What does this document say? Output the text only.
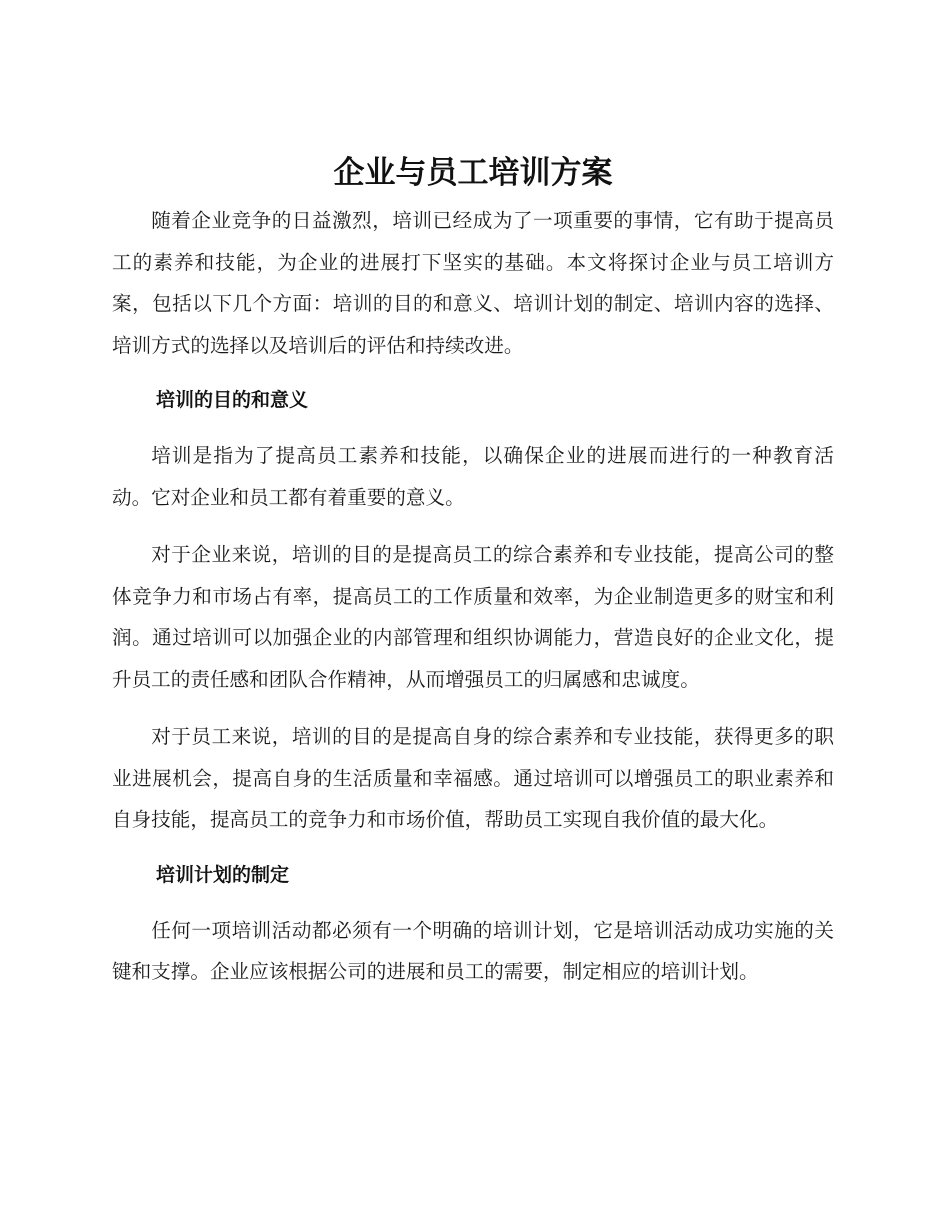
企业与员工培训方案

随着企业竞争的日益激烈，培训已经成为了一项重要的事情，它有助于提高员工的素养和技能，为企业的进展打下坚实的基础。本文将探讨企业与员工培训方案，包括以下几个方面：培训的目的和意义、培训计划的制定、培训内容的选择、培训方式的选择以及培训后的评估和持续改进。

培训的目的和意义

培训是指为了提高员工素养和技能，以确保企业的进展而进行的一种教育活动。它对企业和员工都有着重要的意义。

对于企业来说，培训的目的是提高员工的综合素养和专业技能，提高公司的整体竞争力和市场占有率，提高员工的工作质量和效率，为企业制造更多的财宝和利润。通过培训可以加强企业的内部管理和组织协调能力，营造良好的企业文化，提升员工的责任感和团队合作精神，从而增强员工的归属感和忠诚度。

对于员工来说，培训的目的是提高自身的综合素养和专业技能，获得更多的职业进展机会，提高自身的生活质量和幸福感。通过培训可以增强员工的职业素养和自身技能，提高员工的竞争力和市场价值，帮助员工实现自我价值的最大化。

培训计划的制定

任何一项培训活动都必须有一个明确的培训计划，它是培训活动成功实施的关键和支撑。企业应该根据公司的进展和员工的需要，制定相应的培训计划。
